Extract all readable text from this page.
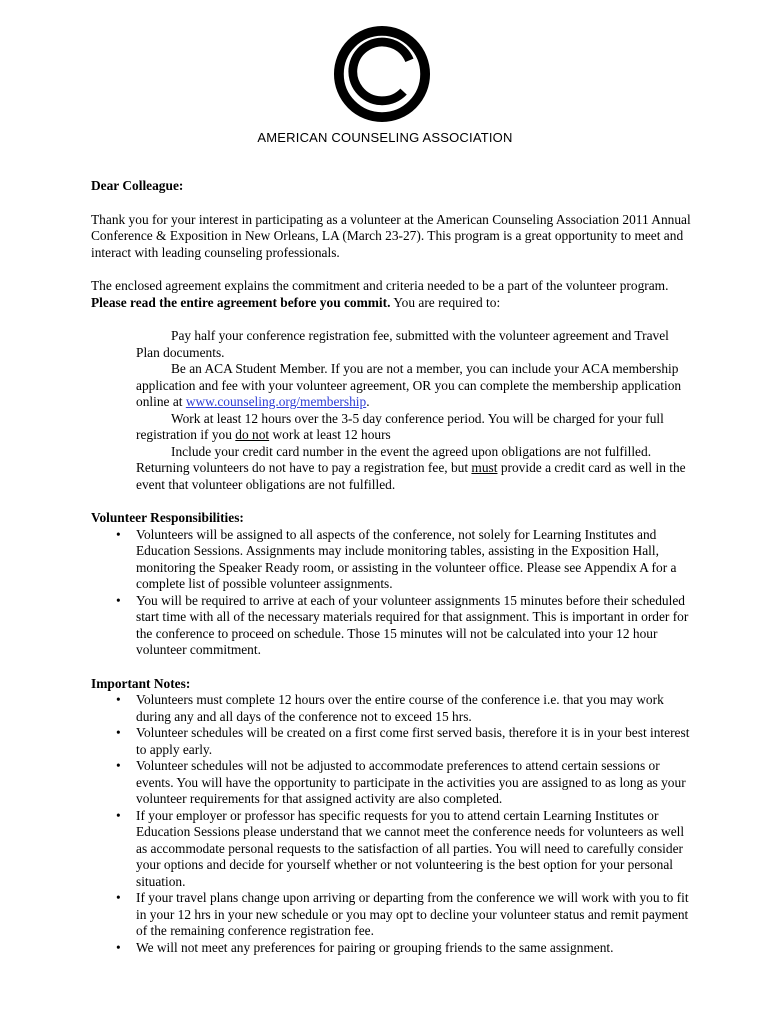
AMERICAN COUNSELING ASSOCIATION

Dear Colleague:

Thank you for your interest in participating as a volunteer at the American Counseling Association 2011 Annual Conference & Exposition in New Orleans, LA (March 23-27). This program is a great opportunity to meet and interact with leading counseling professionals.

The enclosed agreement explains the commitment and criteria needed to be a part of the volunteer program. Please read the entire agreement before you commit. You are required to:

Pay half your conference registration fee, submitted with the volunteer agreement and Travel Plan documents.

Be an ACA Student Member. If you are not a member, you can include your ACA membership application and fee with your volunteer agreement, OR you can complete the membership application online at www.counseling.org/membership.

Work at least 12 hours over the 3-5 day conference period. You will be charged for your full registration if you do not work at least 12 hours

Include your credit card number in the event the agreed upon obligations are not fulfilled. Returning volunteers do not have to pay a registration fee, but must provide a credit card as well in the event that volunteer obligations are not fulfilled.

Volunteer Responsibilities:

• Volunteers will be assigned to all aspects of the conference, not solely for Learning Institutes and Education Sessions. Assignments may include monitoring tables, assisting in the Exposition Hall, monitoring the Speaker Ready room, or assisting in the volunteer office. Please see Appendix A for a complete list of possible volunteer assignments.
• You will be required to arrive at each of your volunteer assignments 15 minutes before their scheduled start time with all of the necessary materials required for that assignment. This is important in order for the conference to proceed on schedule. Those 15 minutes will not be calculated into your 12 hour volunteer commitment.

Important Notes:

• Volunteers must complete 12 hours over the entire course of the conference i.e. that you may work during any and all days of the conference not to exceed 15 hrs.
• Volunteer schedules will be created on a first come first served basis, therefore it is in your best interest to apply early.
• Volunteer schedules will not be adjusted to accommodate preferences to attend certain sessions or events. You will have the opportunity to participate in the activities you are assigned to as long as your volunteer requirements for that assigned activity are also completed.
• If your employer or professor has specific requests for you to attend certain Learning Institutes or Education Sessions please understand that we cannot meet the conference needs for volunteers as well as accommodate personal requests to the satisfaction of all parties. You will need to carefully consider your options and decide for yourself whether or not volunteering is the best option for your personal situation.
• If your travel plans change upon arriving or departing from the conference we will work with you to fit in your 12 hrs in your new schedule or you may opt to decline your volunteer status and remit payment of the remaining conference registration fee.
• We will not meet any preferences for pairing or grouping friends to the same assignment.
